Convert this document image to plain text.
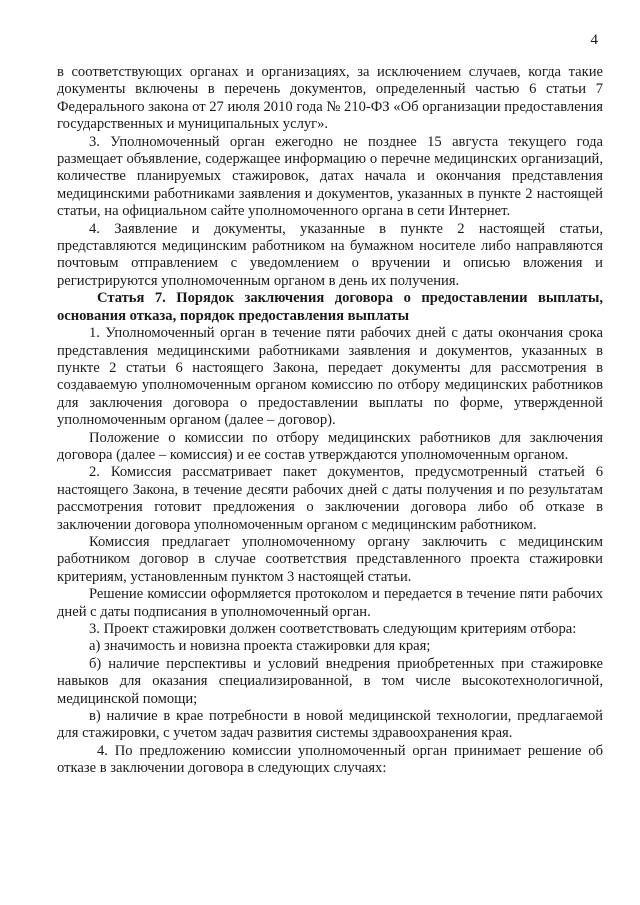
4

в соответствующих органах и организациях, за исключением случаев, когда такие документы включены в перечень документов, определенный частью 6 статьи 7 Федерального закона от 27 июля 2010 года № 210-ФЗ «Об организации предоставления государственных и муниципальных услуг».

3. Уполномоченный орган ежегодно не позднее 15 августа текущего года размещает объявление, содержащее информацию о перечне медицинских организаций, количестве планируемых стажировок, датах начала и окончания представления медицинскими работниками заявления и документов, указанных в пункте 2 настоящей статьи, на официальном сайте уполномоченного органа в сети Интернет.

4. Заявление и документы, указанные в пункте 2 настоящей статьи, представляются медицинским работником на бумажном носителе либо направляются почтовым отправлением с уведомлением о вручении и описью вложения и регистрируются уполномоченным органом в день их получения.

Статья 7. Порядок заключения договора о предоставлении выплаты, основания отказа, порядок предоставления выплаты

1. Уполномоченный орган в течение пяти рабочих дней с даты окончания срока представления медицинскими работниками заявления и документов, указанных в пункте 2 статьи 6 настоящего Закона, передает документы для рассмотрения в создаваемую уполномоченным органом комиссию по отбору медицинских работников для заключения договора о предоставлении выплаты по форме, утвержденной уполномоченным органом (далее – договор).

Положение о комиссии по отбору медицинских работников для заключения договора (далее – комиссия) и ее состав утверждаются уполномоченным органом.

2. Комиссия рассматривает пакет документов, предусмотренный статьей 6 настоящего Закона, в течение десяти рабочих дней с даты получения и по результатам рассмотрения готовит предложения о заключении договора либо об отказе в заключении договора уполномоченным органом с медицинским работником.

Комиссия предлагает уполномоченному органу заключить с медицинским работником договор в случае соответствия представленного проекта стажировки критериям, установленным пунктом 3 настоящей статьи.

Решение комиссии оформляется протоколом и передается в течение пяти рабочих дней с даты подписания в уполномоченный орган.

3. Проект стажировки должен соответствовать следующим критериям отбора:

а) значимость и новизна проекта стажировки для края;

б) наличие перспективы и условий внедрения приобретенных при стажировке навыков для оказания специализированной, в том числе высокотехнологичной, медицинской помощи;

в) наличие в крае потребности в новой медицинской технологии, предлагаемой для стажировки, с учетом задач развития системы здравоохранения края.

4. По предложению комиссии уполномоченный орган принимает решение об отказе в заключении договора в следующих случаях:
